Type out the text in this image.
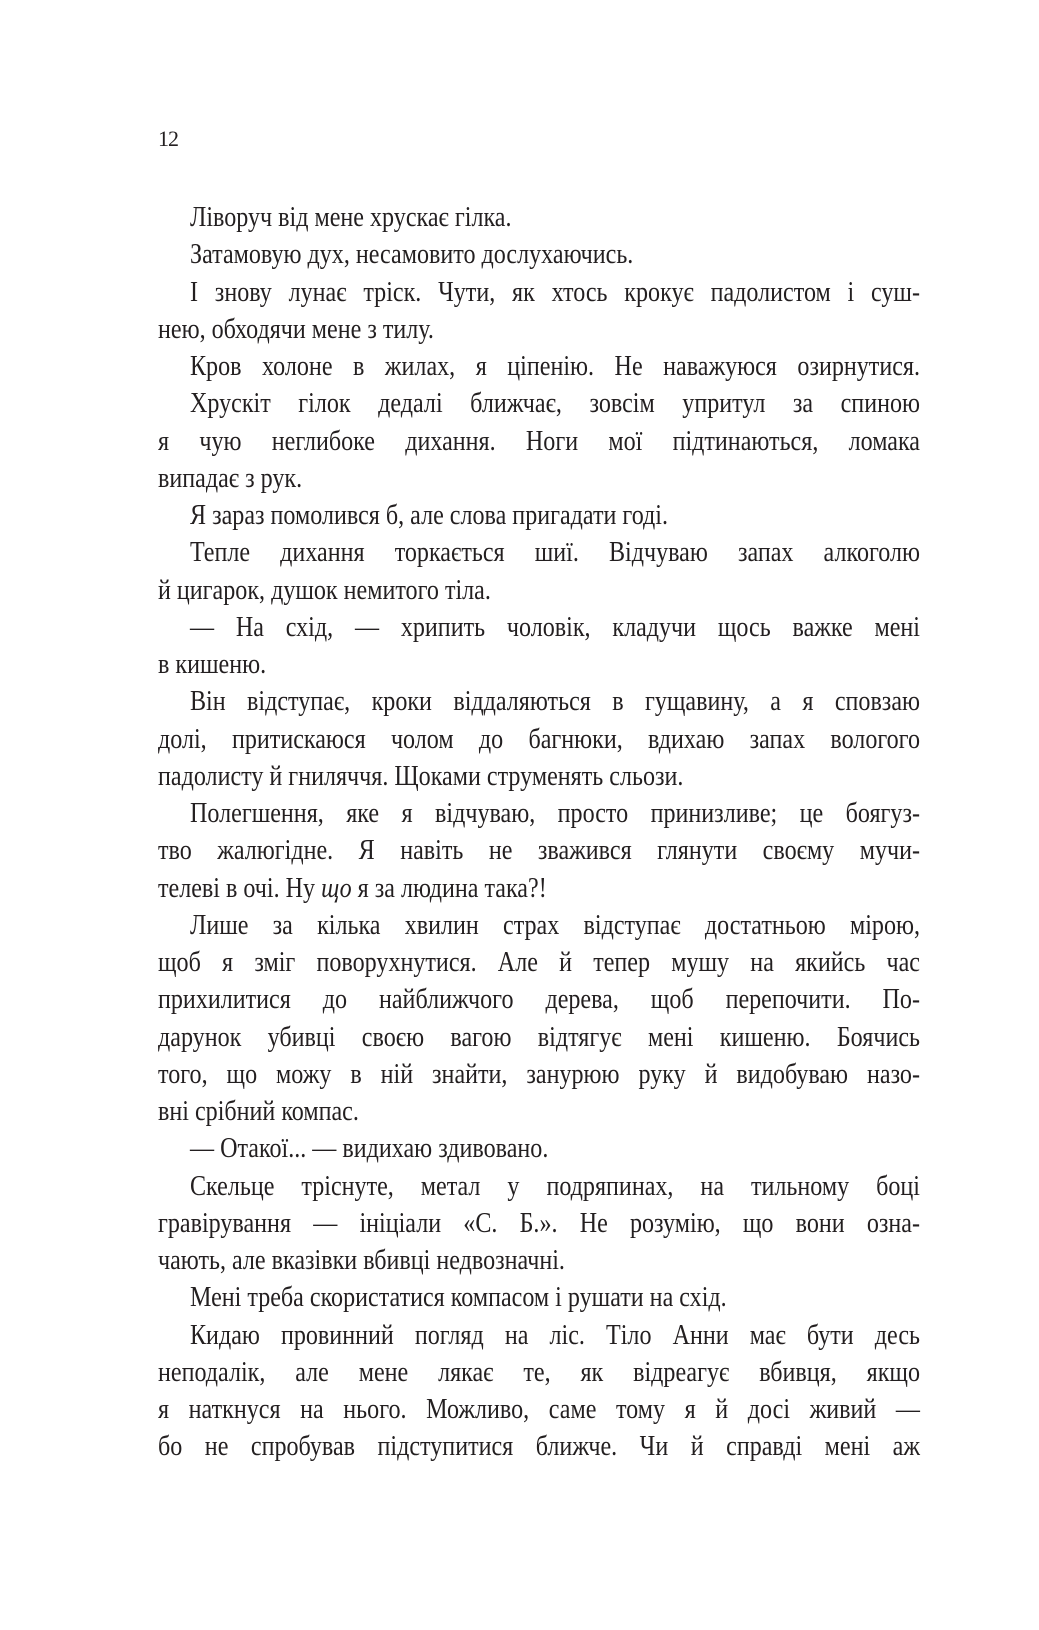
12
Ліворуч від мене хрускає гілка.
Затамовую дух, несамовито дослухаючись.
І знову лунає тріск. Чути, як хтось крокує падолистом і суш-
нею, обходячи мене з тилу.
Кров холоне в жилах, я ціпенію. Не наважуюся озирнутися.
Хрускіт гілок дедалі ближчає, зовсім упритул за спиною
я чую неглибоке дихання. Ноги мої підтинаються, ломака
випадає з рук.
Я зараз помолився б, але слова пригадати годі.
Тепле дихання торкається шиї. Відчуваю запах алкоголю
й цигарок, душок немитого тіла.
— На схід, — хрипить чоловік, кладучи щось важке мені
в кишеню.
Він відступає, кроки віддаляються в гущавину, а я сповзаю
долі, притискаюся чолом до багнюки, вдихаю запах вологого
падолисту й гниляччя. Щоками струменять сльози.
Полегшення, яке я відчуваю, просто принизливе; це боягуз-
тво жалюгідне. Я навіть не зважився глянути своєму мучи-
телеві в очі. Ну що я за людина така?!
Лише за кілька хвилин страх відступає достатньою мірою,
щоб я зміг поворухнутися. Але й тепер мушу на якийсь час
прихилитися до найближчого дерева, щоб перепочити. По-
дарунок убивці своєю вагою відтягує мені кишеню. Боячись
того, що можу в ній знайти, занурюю руку й видобуваю назо-
вні срібний компас.
— Отакої... — видихаю здивовано.
Скельце тріснуте, метал у подряпинах, на тильному боці
гравірування — ініціали «С. Б.». Не розумію, що вони озна-
чають, але вказівки вбивці недвозначні.
Мені треба скористатися компасом і рушати на схід.
Кидаю провинний погляд на ліс. Тіло Анни має бути десь
неподалік, але мене лякає те, як відреагує вбивця, якщо
я наткнуся на нього. Можливо, саме тому я й досі живий —
бо не спробував підступитися ближче. Чи й справді мені аж
